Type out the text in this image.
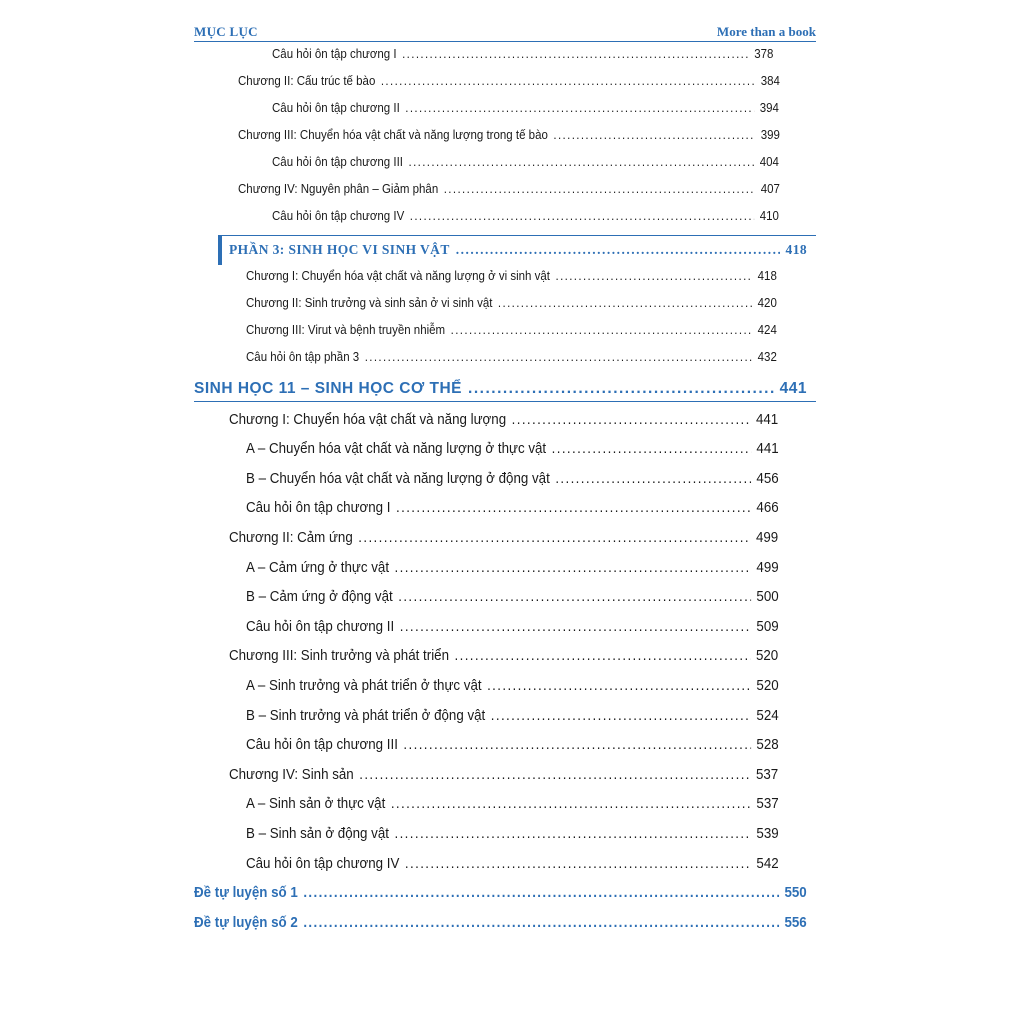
MỤC LỤC	More than a book
Câu hỏi ôn tập chương I .....	378
Chương II: Cấu trúc tế bào .....	384
Câu hỏi ôn tập chương II .....	394
Chương III: Chuyển hóa vật chất và năng lượng trong tế bào .....	399
Câu hỏi ôn tập chương III .....	404
Chương IV: Nguyên phân – Giảm phân .....	407
Câu hỏi ôn tập chương IV .....	410
PHẦN 3: SINH HỌC VI SINH VẬT .....	418
Chương I: Chuyển hóa vật chất và năng lượng ở vi sinh vật .....	418
Chương II: Sinh trưởng và sinh sản ở vi sinh vật .....	420
Chương III: Virut và bệnh truyền nhiễm .....	424
Câu hỏi ôn tập phần 3 .....	432
SINH HỌC 11 – SINH HỌC CƠ THỂ .....	441
Chương I: Chuyển hóa vật chất và năng lượng .....	441
A – Chuyển hóa vật chất và năng lượng ở thực vật .....	441
B – Chuyển hóa vật chất và năng lượng ở động vật .....	456
Câu hỏi ôn tập chương I .....	466
Chương II: Cảm ứng .....	499
A – Cảm ứng ở thực vật .....	499
B – Cảm ứng ở động vật .....	500
Câu hỏi ôn tập chương II .....	509
Chương III: Sinh trưởng và phát triển .....	520
A – Sinh trưởng và phát triển ở thực vật .....	520
B – Sinh trưởng và phát triển ở động vật .....	524
Câu hỏi ôn tập chương III .....	528
Chương IV: Sinh sản .....	537
A – Sinh sản ở thực vật .....	537
B – Sinh sản ở động vật .....	539
Câu hỏi ôn tập chương IV .....	542
Đề tự luyện số 1 .....	550
Đề tự luyện số 2 .....	556
